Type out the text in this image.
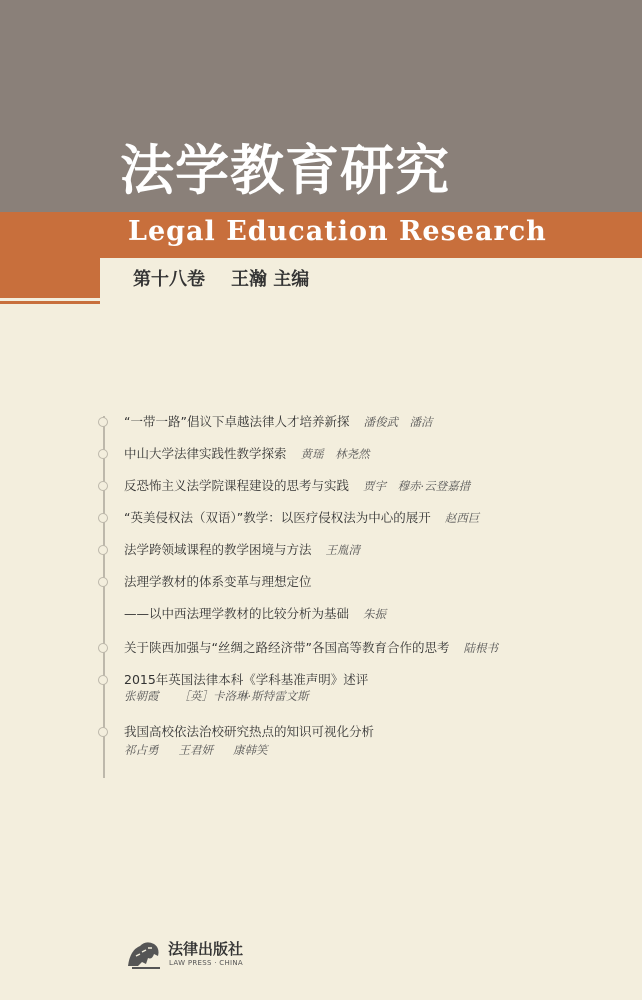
法学教育研究
Legal Education Research
第十八卷 王瀚 主编
“一带一路”倡议下卓越法律人才培养新探 潘俊武　潘洁
中山大学法律实践性教学探索 黄瑶　林尧然
反恐怖主义法学院课程建设的思考与实践 贾宇　穆赤·云登嘉措
“英美侵权法（双语）”教学：以医疗侵权法为中心的展开 赵西巨
法学跨领域课程的教学困境与方法 王胤清
法理学教材的体系变革与理想定位
——以中西法理学教材的比较分析为基础 朱振
关于陕西加强与“丝绸之路经济带”各国高等教育合作的思考 陆根书
2015年英国法律本科《学科基准声明》述评
张朝霞 ［英］卡洛琳·斯特雷文斯
我国高校依法治校研究热点的知识可视化分析
祁占勇 王君妍 康韩笑
法律出版社
LAW PRESS · CHINA
